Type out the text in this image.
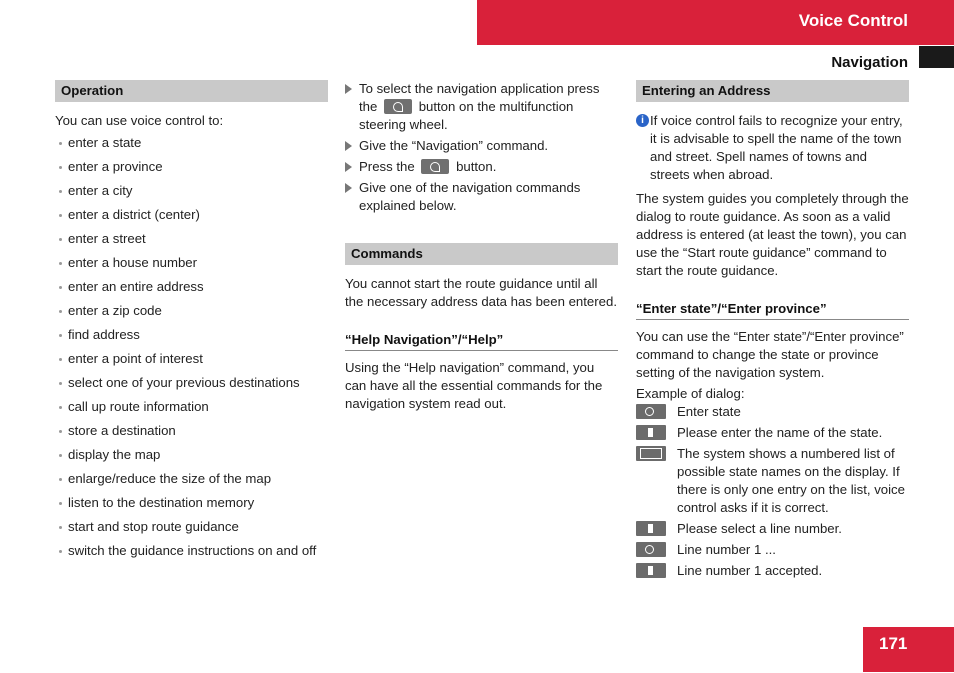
Voice Control
Navigation
Operation

You can use voice control to:

enter a state
enter a province
enter a city
enter a district (center)
enter a street
enter a house number
enter an entire address
enter a zip code
find address
enter a point of interest
select one of your previous destinations
call up route information
store a destination
display the map
enlarge/reduce the size of the map
listen to the destination memory
start and stop route guidance
switch the guidance instructions on and off
To select the navigation application press the	button on the multifunction steering wheel.
Give the “Navigation” command.
Press the	button.
Give one of the navigation commands explained below.
Commands

You cannot start the route guidance until all the necessary address data has been entered.

“Help Navigation”/“Help”

Using the “Help navigation” command, you can have all the essential commands for the navigation system read out.

Entering an Address
i If voice control fails to recognize your entry, it is advisable to spell the name of the town and street. Spell names of towns and streets when abroad.

The system guides you completely through the dialog to route guidance. As soon as a valid address is entered (at least the town), you can use the “Start route guidance” command to start the route guidance.

“Enter state”/“Enter province”

You can use the “Enter state”/“Enter province” command to change the state or province setting of the navigation system.

Example of dialog:

Enter state
Please enter the name of the state.
The system shows a numbered list of possible state names on the display. If there is only one entry on the list, voice control asks if it is correct.
Please select a line number.
Line number 1 ...
Line number 1 accepted.
171
